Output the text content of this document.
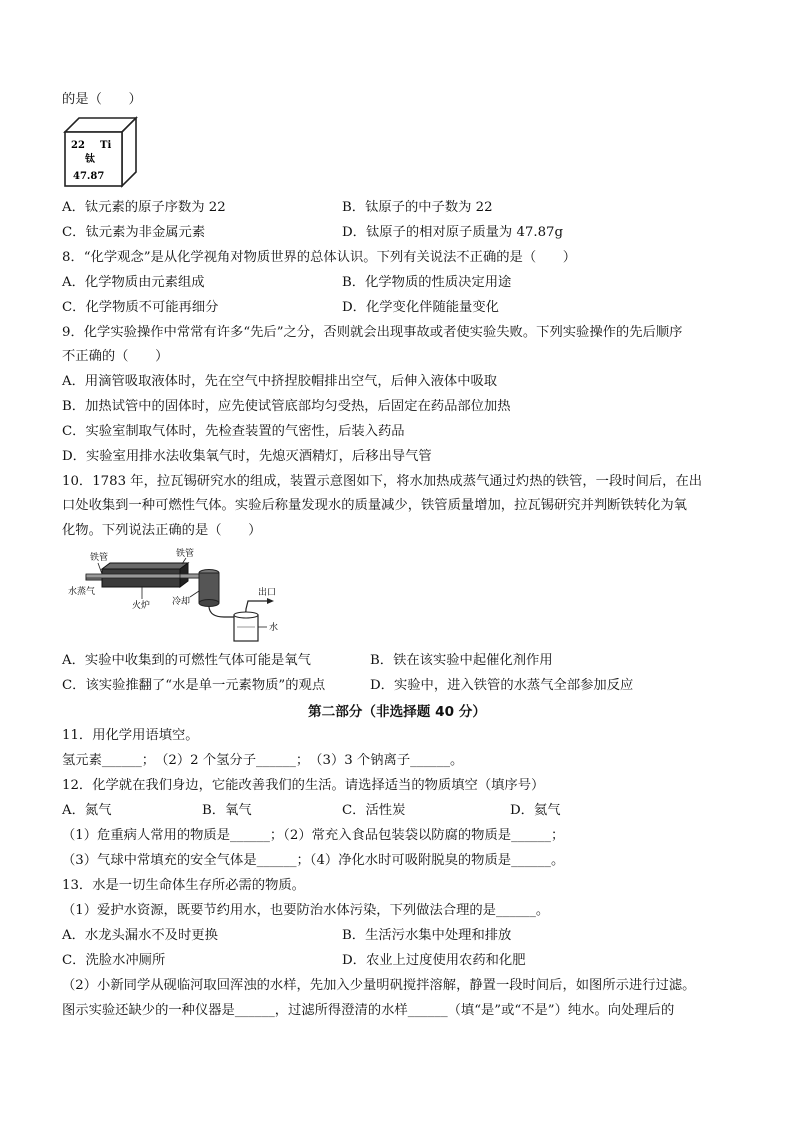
的是（　　）
22 Ti
钛
47.87
A．钛元素的原子序数为 22	B．钛原子的中子数为 22
C．钛元素为非金属元素	D．钛原子的相对原子质量为 47.87g
8．“化学观念”是从化学视角对物质世界的总体认识。下列有关说法不正确的是（　　）
A．化学物质由元素组成	B．化学物质的性质决定用途
C．化学物质不可能再细分	D．化学变化伴随能量变化
9．化学实验操作中常常有许多“先后”之分，否则就会出现事故或者使实验失败。下列实验操作的先后顺序
不正确的（　　）
A．用滴管吸取液体时，先在空气中挤捏胶帽排出空气，后伸入液体中吸取
B．加热试管中的固体时，应先使试管底部均匀受热，后固定在药品部位加热
C．实验室制取气体时，先检查装置的气密性，后装入药品
D．实验室用排水法收集氧气时，先熄灭酒精灯，后移出导气管
10．1783 年，拉瓦锡研究水的组成，装置示意图如下，将水加热成蒸气通过灼热的铁管，一段时间后，在出
口处收集到一种可燃性气体。实验后称量发现水的质量减少，铁管质量增加，拉瓦锡研究并判断铁转化为氧
化物。下列说法正确的是（　　）
铁管	铁管
水蒸气
火炉 冷却
出口
水
A．实验中收集到的可燃性气体可能是氧气	B．铁在该实验中起催化剂作用
C．该实验推翻了“水是单一元素物质”的观点	D．实验中，进入铁管的水蒸气全部参加反应
第二部分（非选择题 40 分）
11．用化学用语填空。
氢元素______；　（2）2 个氢分子______；　（3）3 个钠离子______。
12．化学就在我们身边，它能改善我们的生活。请选择适当的物质填空（填序号）
A．氮气	B．氧气	C．活性炭	D．氦气
（1）危重病人常用的物质是______；（2）常充入食品包装袋以防腐的物质是______；
（3）气球中常填充的安全气体是______；（4）净化水时可吸附脱臭的物质是______。
13．水是一切生命体生存所必需的物质。
（1）爱护水资源，既要节约用水，也要防治水体污染，下列做法合理的是______。
A．水龙头漏水不及时更换	B．生活污水集中处理和排放
C．洗脸水冲厕所	D．农业上过度使用农药和化肥
（2）小新同学从砚临河取回浑浊的水样，先加入少量明矾搅拌溶解，静置一段时间后，如图所示进行过滤。
图示实验还缺少的一种仪器是______，过滤所得澄清的水样______（填“是”或“不是”）纯水。向处理后的
